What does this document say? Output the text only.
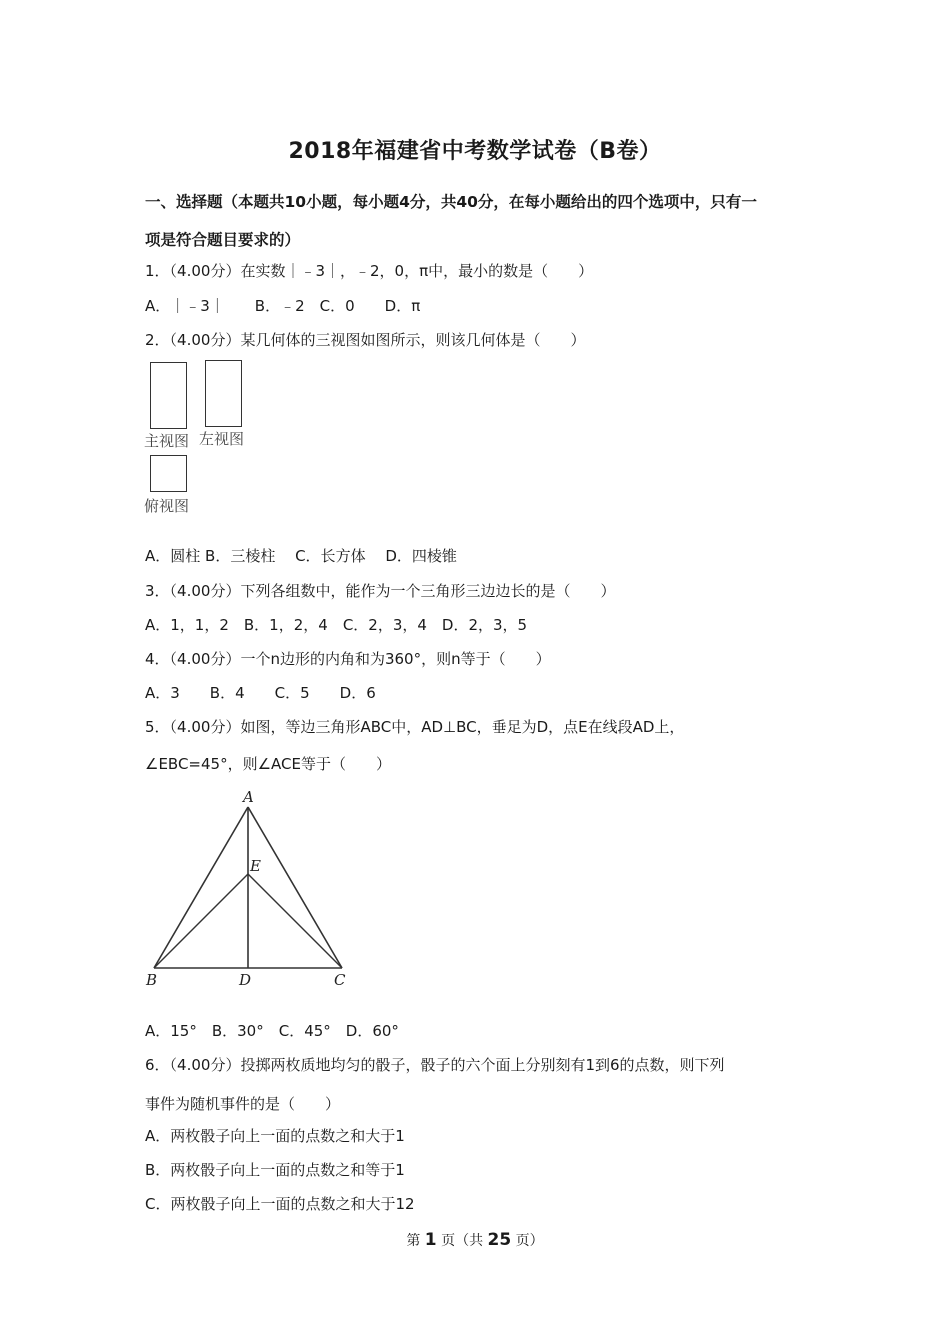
2018年福建省中考数学试卷（B卷）
一、选择题（本题共10小题，每小题4分，共40分，在每小题给出的四个选项中，只有一
项是符合题目要求的）
1．（4.00分）在实数｜﹣3｜，﹣2，0，π中，最小的数是（　　）
A．｜﹣3｜　　B．﹣2　C．0　　D．π
2．（4.00分）某几何体的三视图如图所示，则该几何体是（　　）
主视图 左视图
俯视图
A．圆柱 B．三棱柱　 C．长方体　 D．四棱锥
3．（4.00分）下列各组数中，能作为一个三角形三边边长的是（　　）
A．1，1，2　B．1，2，4　C．2，3，4　D．2，3，5
4．（4.00分）一个n边形的内角和为360°，则n等于（　　）
A．3　　B．4　　C．5　　D．6
5．（4.00分）如图，等边三角形ABC中，AD⊥BC，垂足为D，点E在线段AD上，
∠EBC=45°，则∠ACE等于（　　）
A
E
B	D	C
A．15°　B．30°　C．45°　D．60°
6．（4.00分）投掷两枚质地均匀的骰子，骰子的六个面上分别刻有1到6的点数，则下列
事件为随机事件的是（　　）
A．两枚骰子向上一面的点数之和大于1
B．两枚骰子向上一面的点数之和等于1
C．两枚骰子向上一面的点数之和大于12
第 1 页（共 25 页）
